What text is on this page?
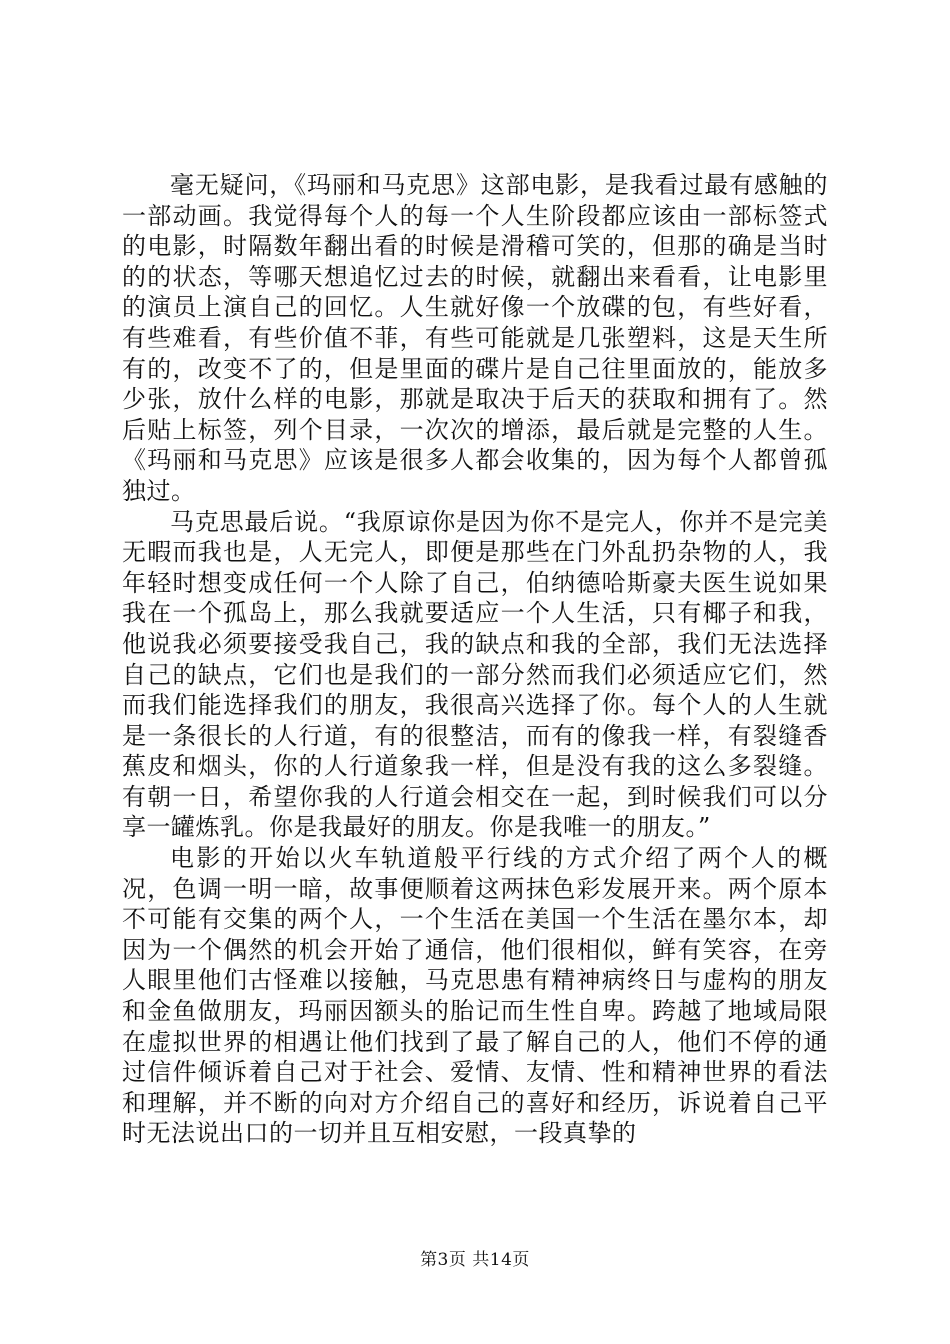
毫无疑问，《玛丽和马克思》这部电影，是我看过最有感触的一部动画。我觉得每个人的每一个人生阶段都应该由一部标签式的电影，时隔数年翻出看的时候是滑稽可笑的，但那的确是当时的的状态，等哪天想追忆过去的时候，就翻出来看看，让电影里的演员上演自己的回忆。人生就好像一个放碟的包，有些好看，有些难看，有些价值不菲，有些可能就是几张塑料，这是天生所有的，改变不了的，但是里面的碟片是自己往里面放的，能放多少张，放什么样的电影，那就是取决于后天的获取和拥有了。然后贴上标签，列个目录，一次次的增添，最后就是完整的人生。《玛丽和马克思》应该是很多人都会收集的，因为每个人都曾孤独过。

马克思最后说。“我原谅你是因为你不是完人，你并不是完美无暇而我也是，人无完人，即便是那些在门外乱扔杂物的人，我年轻时想变成任何一个人除了自己，伯纳德哈斯豪夫医生说如果我在一个孤岛上，那么我就要适应一个人生活，只有椰子和我，他说我必须要接受我自己，我的缺点和我的全部，我们无法选择自己的缺点，它们也是我们的一部分然而我们必须适应它们，然而我们能选择我们的朋友，我很高兴选择了你。每个人的人生就是一条很长的人行道，有的很整洁，而有的像我一样，有裂缝香蕉皮和烟头，你的人行道象我一样，但是没有我的这么多裂缝。有朝一日，希望你我的人行道会相交在一起，到时候我们可以分享一罐炼乳。你是我最好的朋友。你是我唯一的朋友。”

电影的开始以火车轨道般平行线的方式介绍了两个人的概况，色调一明一暗，故事便顺着这两抹色彩发展开来。两个原本不可能有交集的两个人，一个生活在美国一个生活在墨尔本，却因为一个偶然的机会开始了通信，他们很相似，鲜有笑容，在旁人眼里他们古怪难以接触，马克思患有精神病终日与虚构的朋友和金鱼做朋友，玛丽因额头的胎记而生性自卑。跨越了地域局限在虚拟世界的相遇让他们找到了最了解自己的人，他们不停的通过信件倾诉着自己对于社会、爱情、友情、性和精神世界的看法和理解，并不断的向对方介绍自己的喜好和经历，诉说着自己平时无法说出口的一切并且互相安慰，一段真挚的

第3页 共14页
